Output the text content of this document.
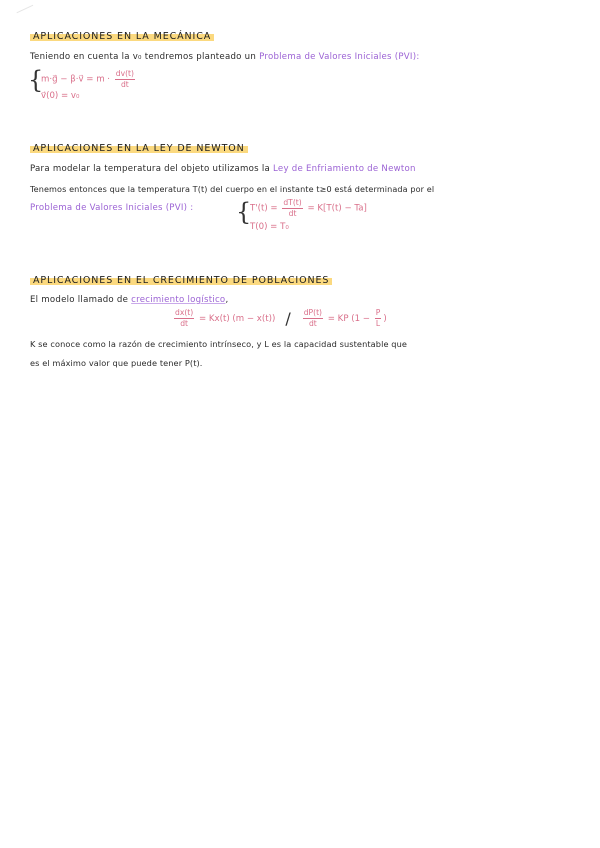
APLICACIONES EN LA MECÁNICA
Teniendo en cuenta la v₀ tendremos planteado un Problema de Valores Iniciales (PVI):
{
m·g⃗ − β·v⃗ = $m \cdot \frac{dv(t)}{dt}$
v⃗(0) = v₀
APLICACIONES EN LA LEY DE NEWTON
Para modelar la temperatura del objeto utilizamos la Ley de Enfriamiento de Newton
Tenemos entonces que la temperatura T(t) del cuerpo en el instante t≥0 está determinada por el
Problema de Valores Iniciales (PVI) : {
$T'(t) = \frac{dT(t)}{dt} = K[T(t) - Ta]$
T(0) = T₀
APLICACIONES EN EL CRECIMIENTO DE POBLACIONES
El modelo llamado de crecimiento logístico,
$\frac{dx(t)}{dt} = Kx(t) (m - x(t)) / \frac{dP(t)}{dt}$ = KP ($1 - \frac{P}{L}$ )
K se conoce como la razón de crecimiento intrínseco, y L es la capacidad sustentable que
es el máximo valor que puede tener P(t).
